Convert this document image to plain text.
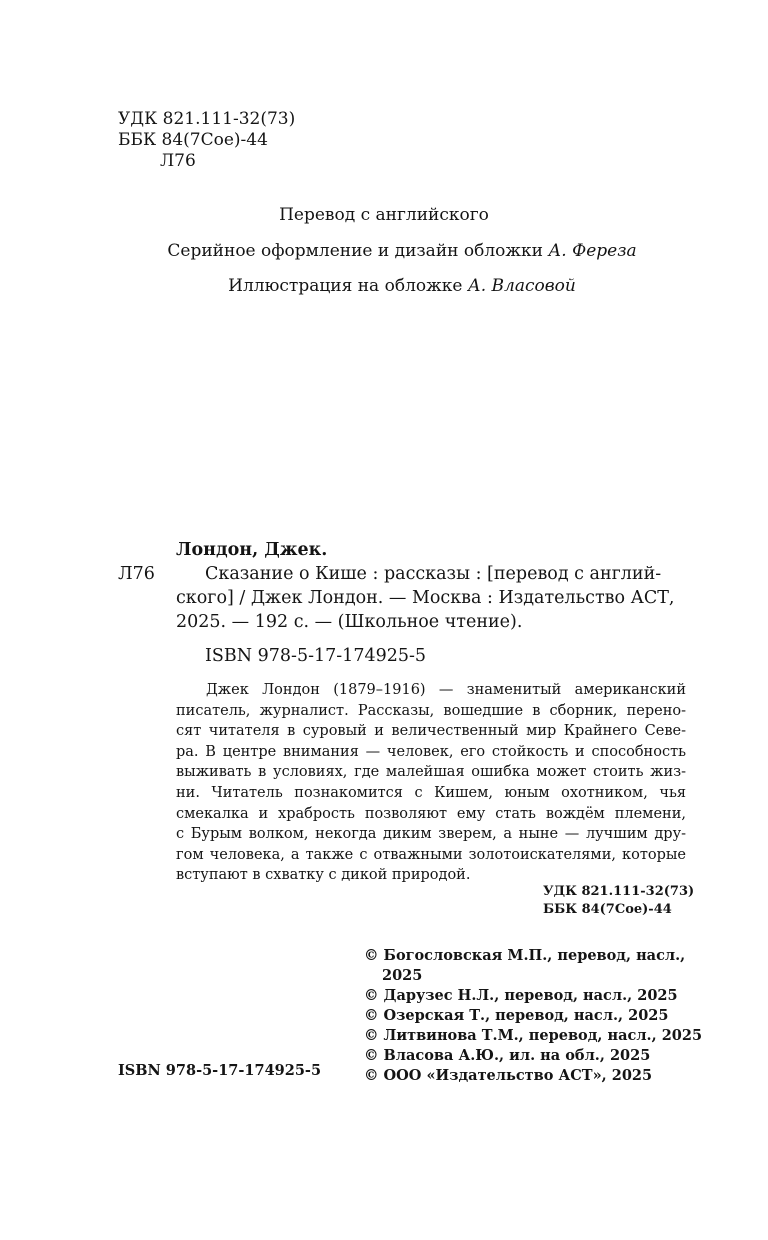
УДК 821.111-32(73)
ББК 84(7Сое)-44
Л76
Перевод с английского
Серийное оформление и дизайн обложки А. Фереза
Иллюстрация на обложке А. Власовой
Лондон, Джек.
Л76	Сказание о Кише : рассказы : [перевод с англий-
ского] / Джек Лондон. — Москва : Издательство АСТ,
2025. — 192 с. — (Школьное чтение).
ISBN 978-5-17-174925-5
Джек Лондон (1879–1916) — знаменитый американский
писатель, журналист. Рассказы, вошедшие в сборник, перено-
сят читателя в суровый и величественный мир Крайнего Севе-
ра. В центре внимания — человек, его стойкость и способность
выживать в условиях, где малейшая ошибка может стоить жиз-
ни. Читатель познакомится с Кишем, юным охотником, чья
смекалка и храбрость позволяют ему стать вождём племени,
с Бурым волком, некогда диким зверем, а ныне — лучшим дру-
гом человека, а также с отважными золотоискателями, которые
вступают в схватку с дикой природой.
УДК 821.111-32(73)
ББК 84(7Сое)-44
ISBN 978-5-17-174925-5
© Богословская М.П., перевод, насл.,
2025
© Дарузес Н.Л., перевод, насл., 2025
© Озерская Т., перевод, насл., 2025
© Литвинова Т.М., перевод, насл., 2025
© Власова А.Ю., ил. на обл., 2025
© ООО «Издательство АСТ», 2025
